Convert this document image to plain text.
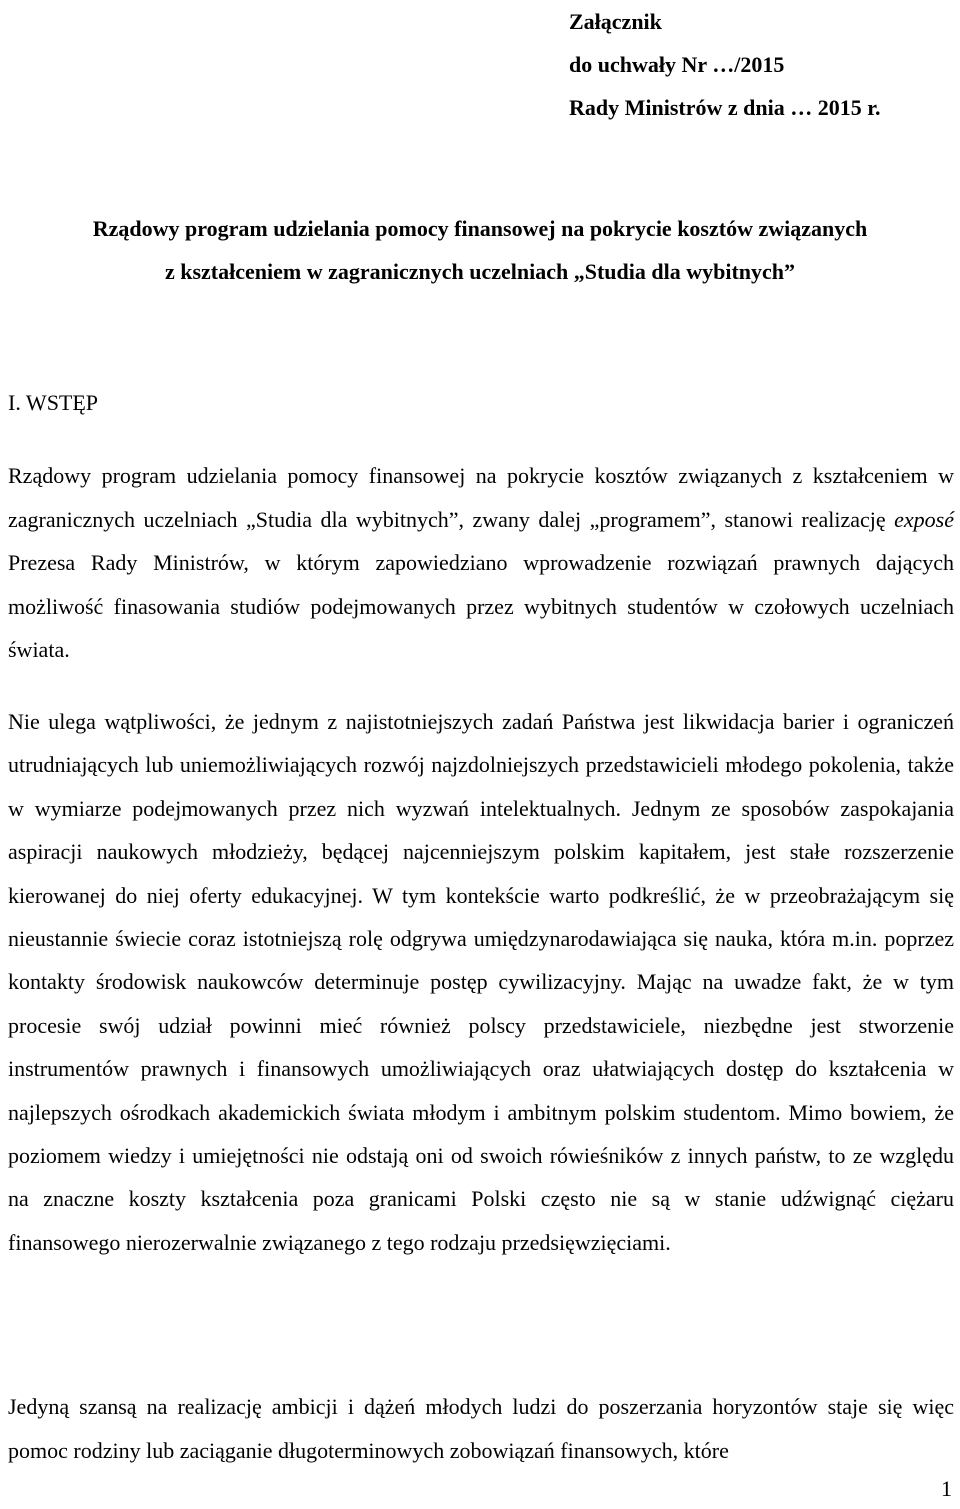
Załącznik
do uchwały Nr …/2015
Rady Ministrów z dnia … 2015 r.
Rządowy program udzielania pomocy finansowej na pokrycie kosztów związanych
z kształceniem w zagranicznych uczelniach „Studia dla wybitnych”
I. WSTĘP

Rządowy program udzielania pomocy finansowej na pokrycie kosztów związanych z kształceniem w zagranicznych uczelniach „Studia dla wybitnych”, zwany dalej „programem”, stanowi realizację exposé Prezesa Rady Ministrów, w którym zapowiedziano wprowadzenie rozwiązań prawnych dających możliwość finasowania studiów podejmowanych przez wybitnych studentów w czołowych uczelniach świata.

Nie ulega wątpliwości, że jednym z najistotniejszych zadań Państwa jest likwidacja barier i ograniczeń utrudniających lub uniemożliwiających rozwój najzdolniejszych przedstawicieli młodego pokolenia, także w wymiarze podejmowanych przez nich wyzwań intelektualnych. Jednym ze sposobów zaspokajania aspiracji naukowych młodzieży, będącej najcenniejszym polskim kapitałem, jest stałe rozszerzenie kierowanej do niej oferty edukacyjnej. W tym kontekście warto podkreślić, że w przeobrażającym się nieustannie świecie coraz istotniejszą rolę odgrywa umiędzynarodawiająca się nauka, która m.in. poprzez kontakty środowisk naukowców determinuje postęp cywilizacyjny. Mając na uwadze fakt, że w tym procesie swój udział powinni mieć również polscy przedstawiciele, niezbędne jest stworzenie instrumentów prawnych i finansowych umożliwiających oraz ułatwiających dostęp do kształcenia w najlepszych ośrodkach akademickich świata młodym i ambitnym polskim studentom. Mimo bowiem, że poziomem wiedzy i umiejętności nie odstają oni od swoich rówieśników z innych państw, to ze względu na znaczne koszty kształcenia poza granicami Polski często nie są w stanie udźwignąć ciężaru finansowego nierozerwalnie związanego z tego rodzaju przedsięwzięciami.

Jedyną szansą na realizację ambicji i dążeń młodych ludzi do poszerzania horyzontów staje się więc pomoc rodziny lub zaciąganie długoterminowych zobowiązań finansowych, które

1
